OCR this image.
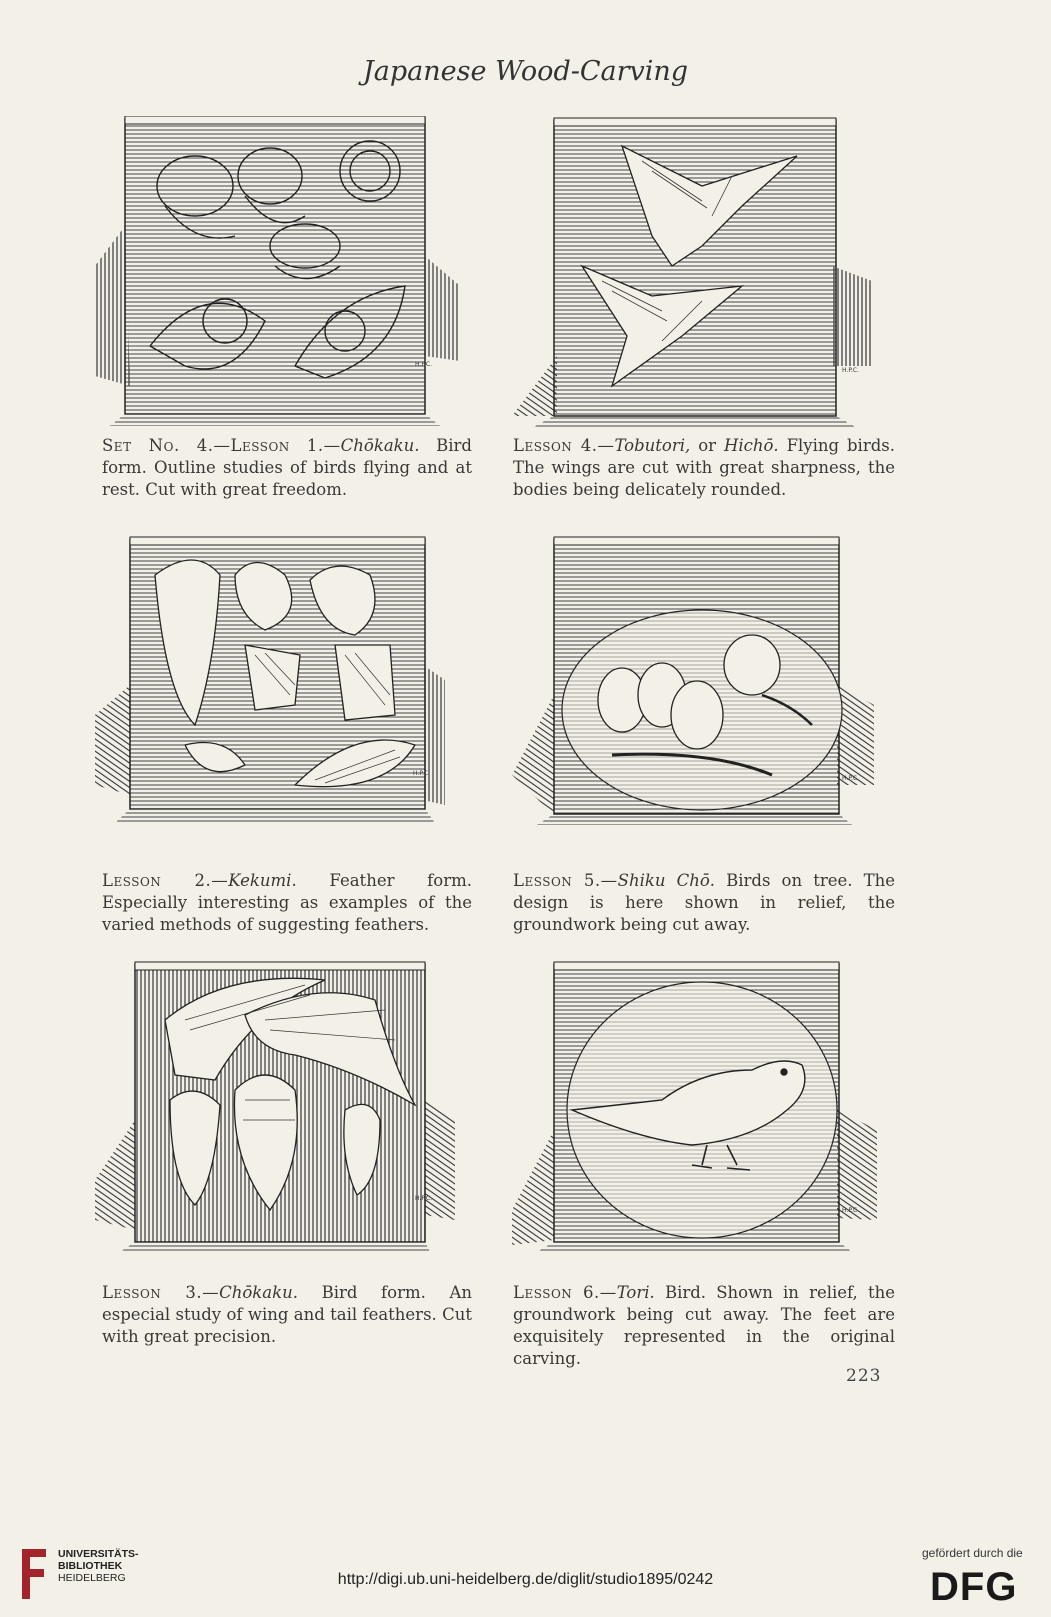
Japanese Wood-Carving
H.P.C.
H.P.C.
Set No. 4.—Lesson 1.—Chōkaku. Bird form. Outline studies of birds flying and at rest. Cut with great freedom.
Lesson 4.—Tobutori, or Hichō. Flying birds. The wings are cut with great sharpness, the bodies being delicately rounded.
H.P.C.
H.P.C
Lesson 2.—Kekumi. Feather form. Especially interesting as examples of the varied methods of suggesting feathers.
Lesson 5.—Shiku Chō. Birds on tree. The design is here shown in relief, the groundwork being cut away.
H.P.C.
H.P.C
Lesson 3.—Chōkaku. Bird form. An especial study of wing and tail feathers. Cut with great precision.
Lesson 6.—Tori. Bird. Shown in relief, the groundwork being cut away. The feet are exquisitely represented in the original carving.
223
UNIVERSITÄTS-
BIBLIOTHEK
HEIDELBERG	http://digi.ub.uni-heidelberg.de/diglit/studio1895/0242
gefördert durch die
DFG
